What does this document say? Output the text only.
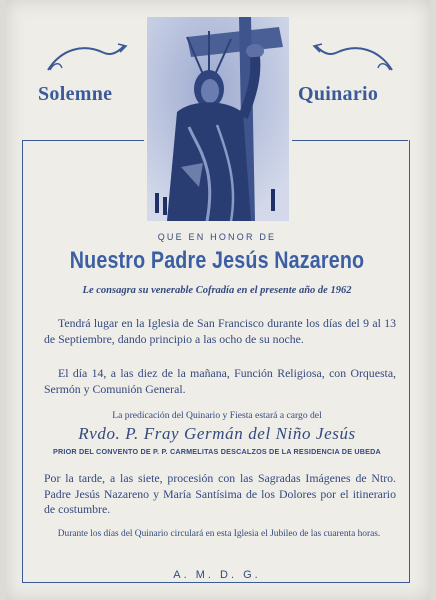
Solemne	Quinario
QUE EN HONOR DE
Nuestro Padre Jesús Nazareno
Le consagra su venerable Cofradía en el presente año de 1962
Tendrá lugar en la Iglesia de San Francisco durante los días del 9 al 13 de Septiembre, dando principio a las ocho de su noche.
El día 14, a las diez de la mañana, Función Religiosa, con Orquesta, Sermón y Comunión General.
La predicación del Quinario y Fiesta estará a cargo del
Rvdo. P. Fray Germán del Niño Jesús
PRIOR DEL CONVENTO DE P. P. CARMELITAS DESCALZOS DE LA RESIDENCIA DE UBEDA
Por la tarde, a las siete, procesión con las Sagradas Imágenes de Ntro. Padre Jesús Nazareno y María Santísima de los Dolores por el itinerario de costumbre.
Durante los días del Quinario circulará en esta Iglesia el Jubileo de las cuarenta horas.
A. M. D. G.
